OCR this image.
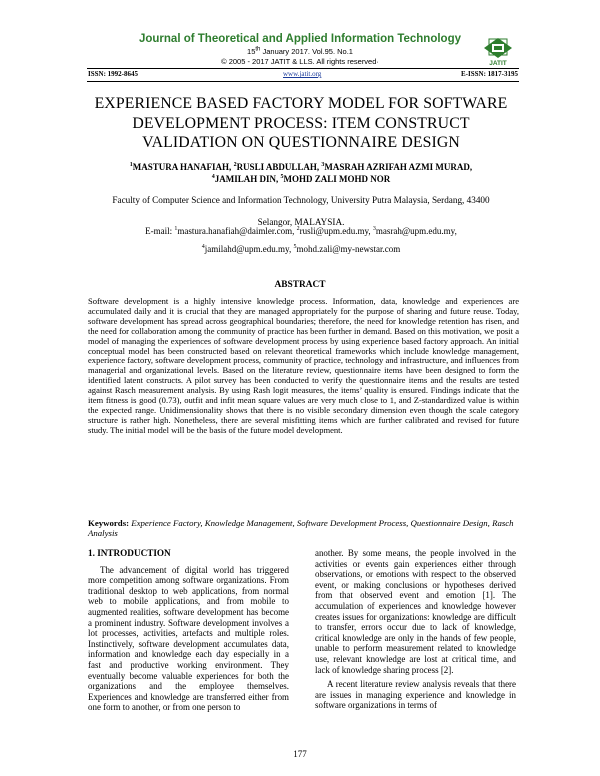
Journal of Theoretical and Applied Information Technology
15th January 2017. Vol.95. No.1
© 2005 - 2017 JATIT & LLS. All rights reserved·	JATIT
ISSN: 1992-8645	www.jatit.org	E-ISSN: 1817-3195
EXPERIENCE BASED FACTORY MODEL FOR SOFTWARE
DEVELOPMENT PROCESS: ITEM CONSTRUCT
VALIDATION ON QUESTIONNAIRE DESIGN
$^1$MASTURA HANAFIAH, $^2$RUSLI ABDULLAH, $^3$MASRAH AZRIFAH AZMI MURAD,
$^4$JAMILAH DIN, $^5$MOHD ZALI MOHD NOR
Faculty of Computer Science and Information Technology, University Putra Malaysia, Serdang, 43400
Selangor, MALAYSIA.
E-mail: $^1$mastura.hanafiah@daimler.com, $^2$rusli@upm.edu.my, $^3$masrah@upm.edu.my,
$^4$jamilahd@upm.edu.my, $^5$mohd.zali@my-newstar.com
ABSTRACT
Software development is a highly intensive knowledge process. Information, data, knowledge and experiences are accumulated daily and it is crucial that they are managed appropriately for the purpose of sharing and future reuse. Today, software development has spread across geographical boundaries; therefore, the need for knowledge retention has risen, and the need for collaboration among the community of practice has been further in demand. Based on this motivation, we posit a model of managing the experiences of software development process by using experience based factory approach. An initial conceptual model has been constructed based on relevant theoretical frameworks which include knowledge management, experience factory, software development process, community of practice, technology and infrastructure, and influences from managerial and organizational levels. Based on the literature review, questionnaire items have been designed to form the identified latent constructs. A pilot survey has been conducted to verify the questionnaire items and the results are tested against Rasch measurement analysis. By using Rash logit measures, the items’ quality is ensured. Findings indicate that the item fitness is good (0.73), outfit and infit mean square values are very much close to 1, and Z-standardized value is within the expected range. Unidimensionality shows that there is no visible secondary dimension even though the scale category structure is rather high. Nonetheless, there are several misfitting items which are further calibrated and revised for future study. The initial model will be the basis of the future model development.
Keywords: Experience Factory, Knowledge Management, Software Development Process, Questionnaire Design, Rasch Analysis
1. INTRODUCTION

The advancement of digital world has triggered more competition among software organizations. From traditional desktop to web applications, from normal web to mobile applications, and from mobile to augmented realities, software development has become a prominent industry. Software development involves a lot processes, activities, artefacts and multiple roles. Instinctively, software development accumulates data, information and knowledge each day especially in a fast and productive working environment. They eventually become valuable experiences for both the organizations and the employee themselves. Experiences and knowledge are transferred either from one form to another, or from one person to

another. By some means, the people involved in the activities or events gain experiences either through observations, or emotions with respect to the observed event, or making conclusions or hypotheses derived from that observed event and emotion [1]. The accumulation of experiences and knowledge however creates issues for organizations: knowledge are difficult to transfer, errors occur due to lack of knowledge, critical knowledge are only in the hands of few people, unable to perform measurement related to knowledge use, relevant knowledge are lost at critical time, and lack of knowledge sharing process [2].

A recent literature review analysis reveals that there are issues in managing experience and knowledge in software organizations in terms of

177
